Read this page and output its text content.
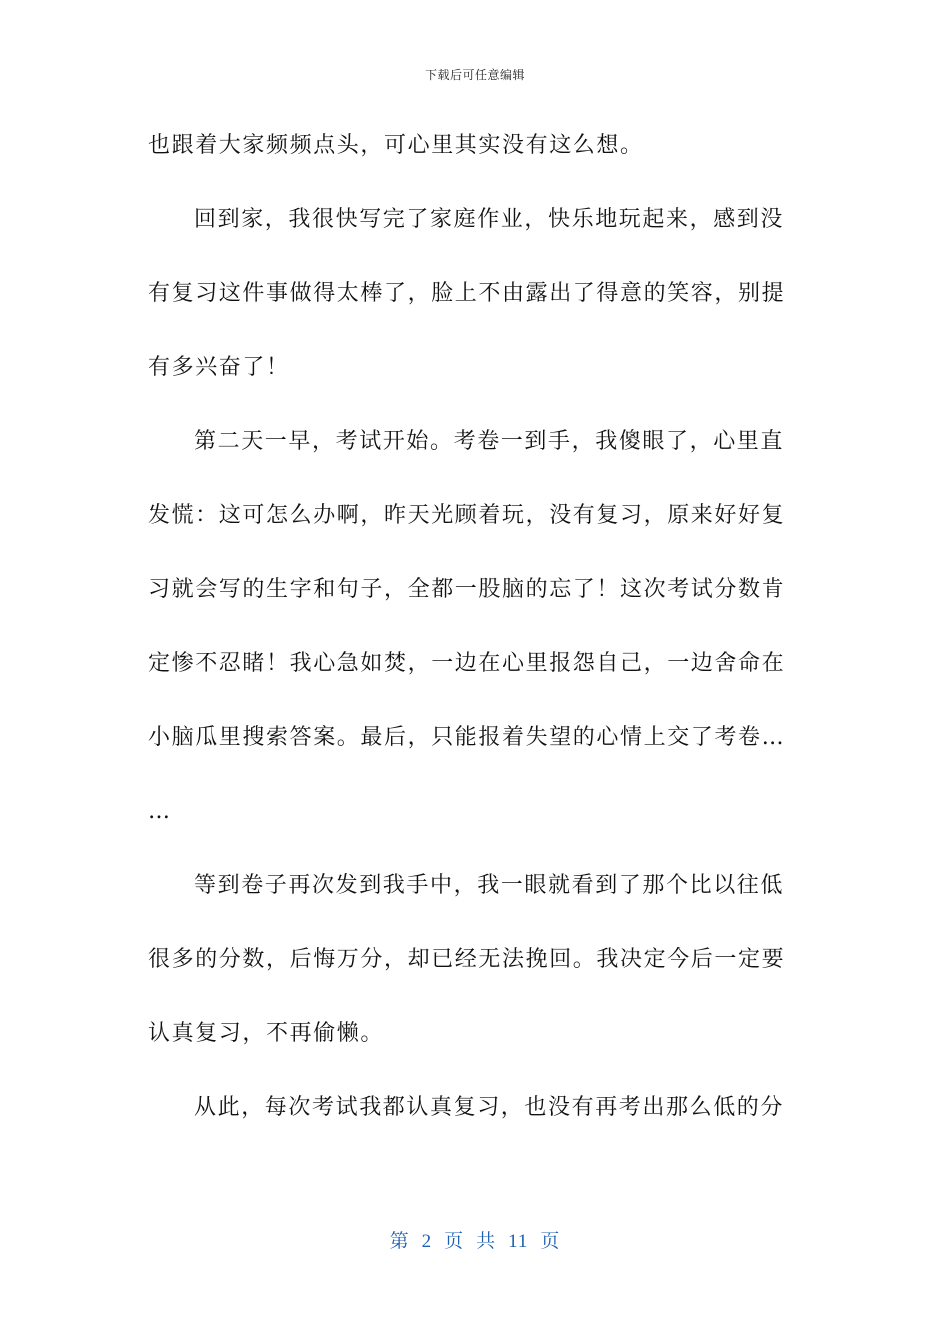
下载后可任意编辑
也跟着大家频频点头，可心里其实没有这么想。
回到家，我很快写完了家庭作业，快乐地玩起来，感到没
有复习这件事做得太棒了，脸上不由露出了得意的笑容，别提
有多兴奋了！
第二天一早，考试开始。考卷一到手，我傻眼了，心里直
发慌：这可怎么办啊，昨天光顾着玩，没有复习，原来好好复
习就会写的生字和句子，全都一股脑的忘了！这次考试分数肯
定惨不忍睹！我心急如焚，一边在心里报怨自己，一边舍命在
小脑瓜里搜索答案。最后，只能报着失望的心情上交了考卷…
…
等到卷子再次发到我手中，我一眼就看到了那个比以往低
很多的分数，后悔万分，却已经无法挽回。我决定今后一定要
认真复习，不再偷懒。
从此，每次考试我都认真复习，也没有再考出那么低的分
第 2 页 共 11 页
